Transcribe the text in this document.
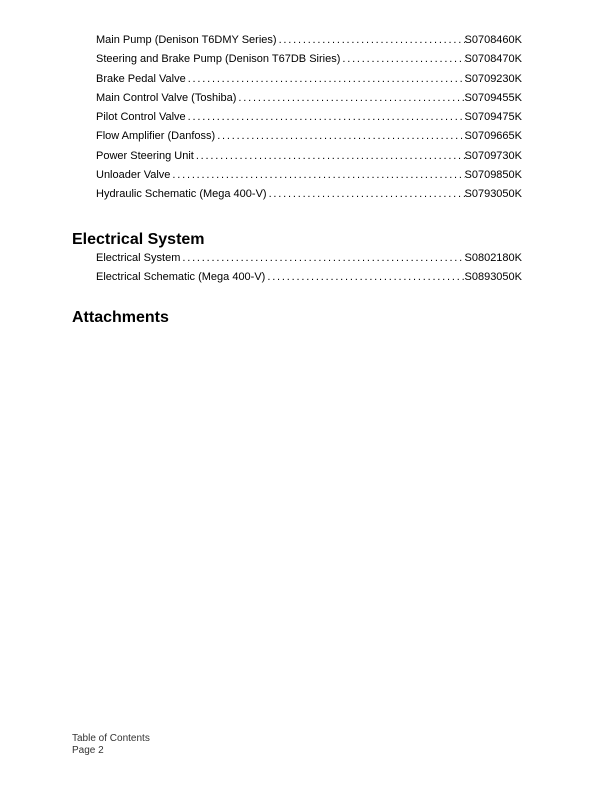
Main Pump (Denison T6DMY Series) .....	S0708460K
Steering and Brake Pump (Denison T67DB Siries) .....	S0708470K
Brake Pedal Valve .....	S0709230K
Main Control Valve (Toshiba) .....	S0709455K
Pilot Control Valve .....	S0709475K
Flow Amplifier (Danfoss) .....	S0709665K
Power Steering Unit .....	S0709730K
Unloader Valve .....	S0709850K
Hydraulic Schematic (Mega 400-V) .....	S0793050K
Electrical System
Electrical System .....	S0802180K
Electrical Schematic (Mega 400-V) .....	S0893050K
Attachments
Table of Contents
Page 2
